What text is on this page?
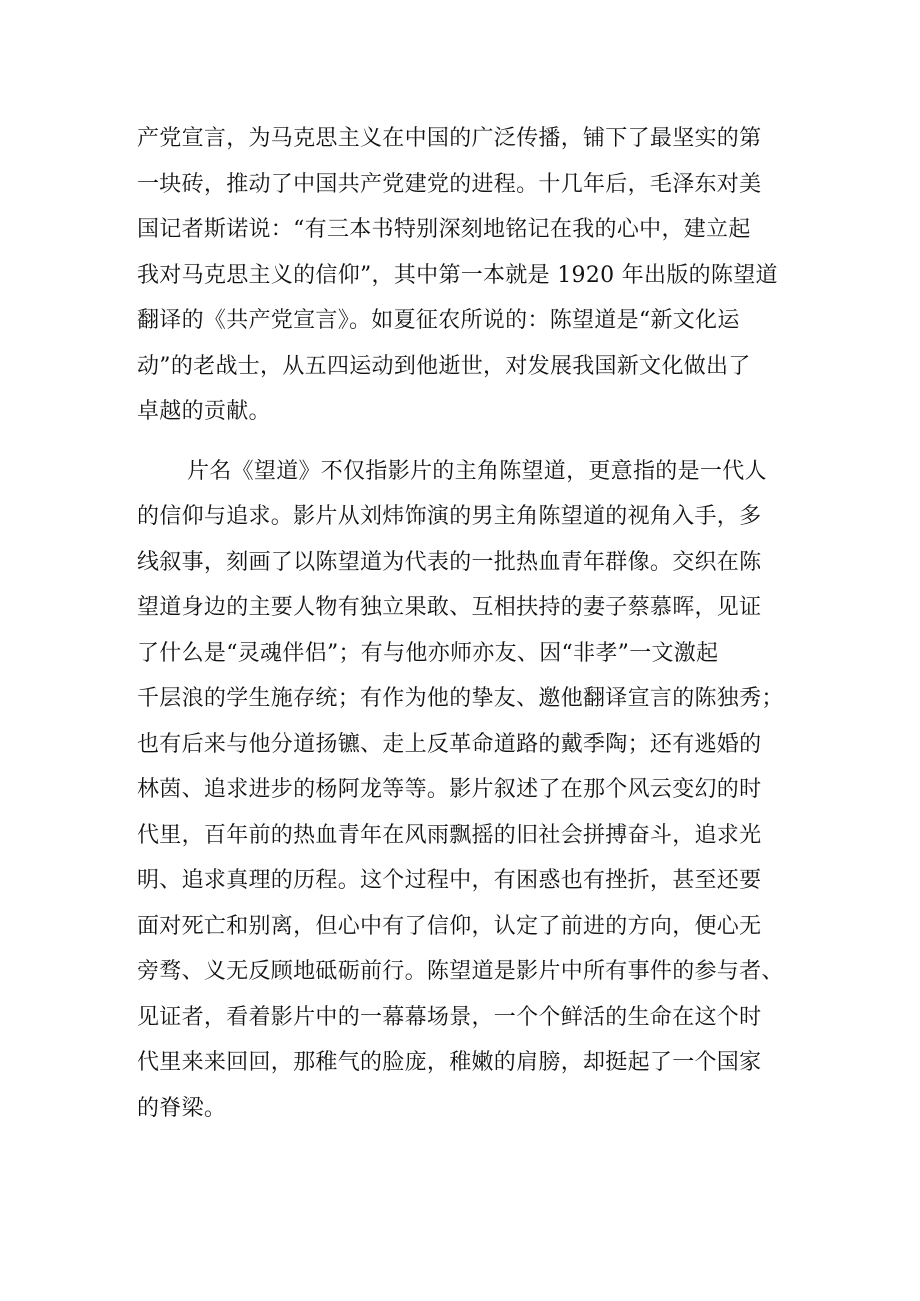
产党宣言，为马克思主义在中国的广泛传播，铺下了最坚实的第
一块砖，推动了中国共产党建党的进程。十几年后，毛泽东对美
国记者斯诺说：“有三本书特别深刻地铭记在我的心中，建立起
我对马克思主义的信仰”，其中第一本就是 1920 年出版的陈望道
翻译的《共产党宣言》。如夏征农所说的：陈望道是“新文化运
动”的老战士，从五四运动到他逝世，对发展我国新文化做出了
卓越的贡献。
片名《望道》不仅指影片的主角陈望道，更意指的是一代人
的信仰与追求。影片从刘炜饰演的男主角陈望道的视角入手，多
线叙事，刻画了以陈望道为代表的一批热血青年群像。交织在陈
望道身边的主要人物有独立果敢、互相扶持的妻子蔡慕晖，见证
了什么是“灵魂伴侣”；有与他亦师亦友、因“非孝”一文激起
千层浪的学生施存统；有作为他的挚友、邀他翻译宣言的陈独秀；
也有后来与他分道扬镳、走上反革命道路的戴季陶；还有逃婚的
林茵、追求进步的杨阿龙等等。影片叙述了在那个风云变幻的时
代里，百年前的热血青年在风雨飘摇的旧社会拼搏奋斗，追求光
明、追求真理的历程。这个过程中，有困惑也有挫折，甚至还要
面对死亡和别离，但心中有了信仰，认定了前进的方向，便心无
旁骛、义无反顾地砥砺前行。陈望道是影片中所有事件的参与者、
见证者，看着影片中的一幕幕场景，一个个鲜活的生命在这个时
代里来来回回，那稚气的脸庞，稚嫩的肩膀，却挺起了一个国家
的脊梁。
